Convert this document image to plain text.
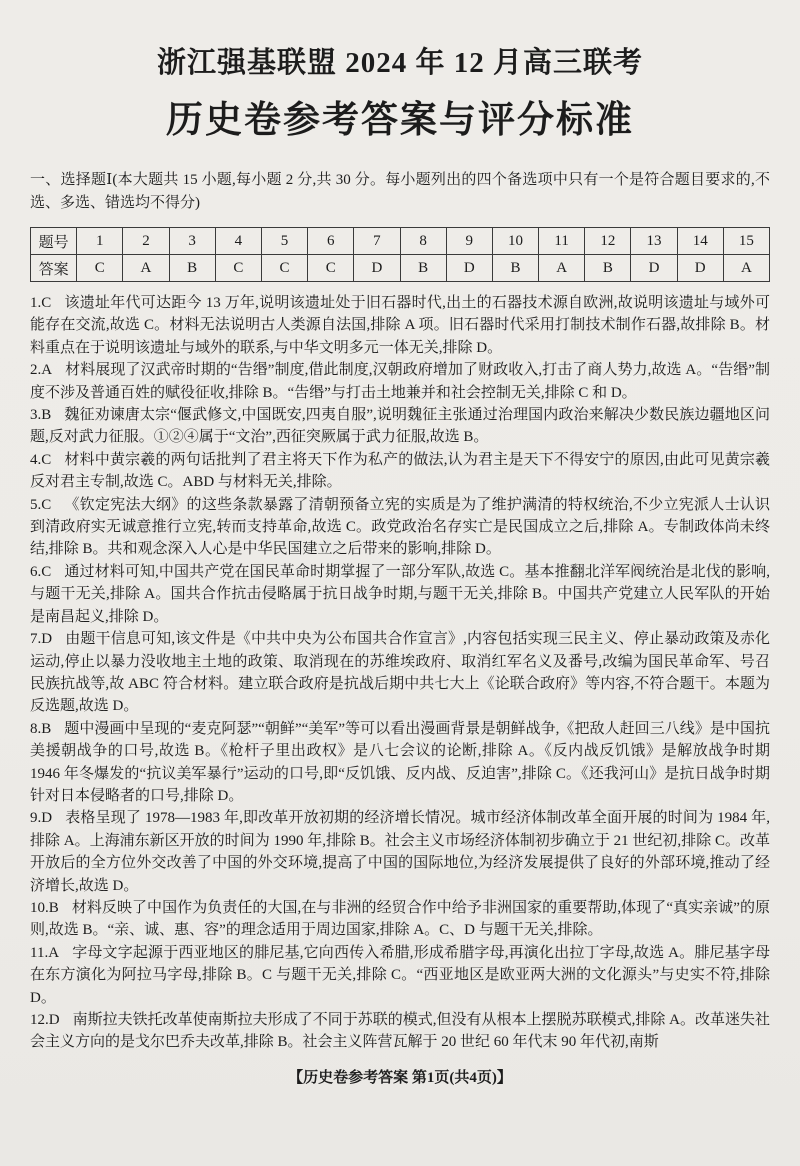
浙江强基联盟 2024 年 12 月高三联考
历史卷参考答案与评分标准
一、选择题Ⅰ(本大题共 15 小题,每小题 2 分,共 30 分。每小题列出的四个备选项中只有一个是符合题目要求的,不选、多选、错选均不得分)
题号	1	2	3	4	5	6	7	8	9	10	11	12	13	14	15
答案	C	A	B	C	C	C	D	B	D	B	A	B	D	D	A

1.C 该遗址年代可达距今 13 万年,说明该遗址处于旧石器时代,出土的石器技术源自欧洲,故说明该遗址与域外可能存在交流,故选 C。材料无法说明古人类源自法国,排除 A 项。旧石器时代采用打制技术制作石器,故排除 B。材料重点在于说明该遗址与域外的联系,与中华文明多元一体无关,排除 D。

2.A 材料展现了汉武帝时期的“告缗”制度,借此制度,汉朝政府增加了财政收入,打击了商人势力,故选 A。“告缗”制度不涉及普通百姓的赋役征收,排除 B。“告缗”与打击土地兼并和社会控制无关,排除 C 和 D。

3.B 魏征劝谏唐太宗“偃武修文,中国既安,四夷自服”,说明魏征主张通过治理国内政治来解决少数民族边疆地区问题,反对武力征服。①②④属于“文治”,西征突厥属于武力征服,故选 B。

4.C 材料中黄宗羲的两句话批判了君主将天下作为私产的做法,认为君主是天下不得安宁的原因,由此可见黄宗羲反对君主专制,故选 C。ABD 与材料无关,排除。

5.C 《钦定宪法大纲》的这些条款暴露了清朝预备立宪的实质是为了维护满清的特权统治,不少立宪派人士认识到清政府实无诚意推行立宪,转而支持革命,故选 C。政党政治名存实亡是民国成立之后,排除 A。专制政体尚未终结,排除 B。共和观念深入人心是中华民国建立之后带来的影响,排除 D。

6.C 通过材料可知,中国共产党在国民革命时期掌握了一部分军队,故选 C。基本推翻北洋军阀统治是北伐的影响,与题干无关,排除 A。国共合作抗击侵略属于抗日战争时期,与题干无关,排除 B。中国共产党建立人民军队的开始是南昌起义,排除 D。

7.D 由题干信息可知,该文件是《中共中央为公布国共合作宣言》,内容包括实现三民主义、停止暴动政策及赤化运动,停止以暴力没收地主土地的政策、取消现在的苏维埃政府、取消红军名义及番号,改编为国民革命军、号召民族抗战等,故 ABC 符合材料。建立联合政府是抗战后期中共七大上《论联合政府》等内容,不符合题干。本题为反选题,故选 D。

8.B 题中漫画中呈现的“麦克阿瑟”“朝鲜”“美军”等可以看出漫画背景是朝鲜战争,《把敌人赶回三八线》是中国抗美援朝战争的口号,故选 B。《枪杆子里出政权》是八七会议的论断,排除 A。《反内战反饥饿》是解放战争时期 1946 年冬爆发的“抗议美军暴行”运动的口号,即“反饥饿、反内战、反迫害”,排除 C。《还我河山》是抗日战争时期针对日本侵略者的口号,排除 D。

9.D 表格呈现了 1978—1983 年,即改革开放初期的经济增长情况。城市经济体制改革全面开展的时间为 1984 年,排除 A。上海浦东新区开放的时间为 1990 年,排除 B。社会主义市场经济体制初步确立于 21 世纪初,排除 C。改革开放后的全方位外交改善了中国的外交环境,提高了中国的国际地位,为经济发展提供了良好的外部环境,推动了经济增长,故选 D。

10.B 材料反映了中国作为负责任的大国,在与非洲的经贸合作中给予非洲国家的重要帮助,体现了“真实亲诚”的原则,故选 B。“亲、诚、惠、容”的理念适用于周边国家,排除 A。C、D 与题干无关,排除。

11.A 字母文字起源于西亚地区的腓尼基,它向西传入希腊,形成希腊字母,再演化出拉丁字母,故选 A。腓尼基字母在东方演化为阿拉马字母,排除 B。C 与题干无关,排除 C。“西亚地区是欧亚两大洲的文化源头”与史实不符,排除 D。

12.D 南斯拉夫铁托改革使南斯拉夫形成了不同于苏联的模式,但没有从根本上摆脱苏联模式,排除 A。改革迷失社会主义方向的是戈尔巴乔夫改革,排除 B。社会主义阵营瓦解于 20 世纪 60 年代末 90 年代初,南斯

【历史卷参考答案 第1页(共4页)】
